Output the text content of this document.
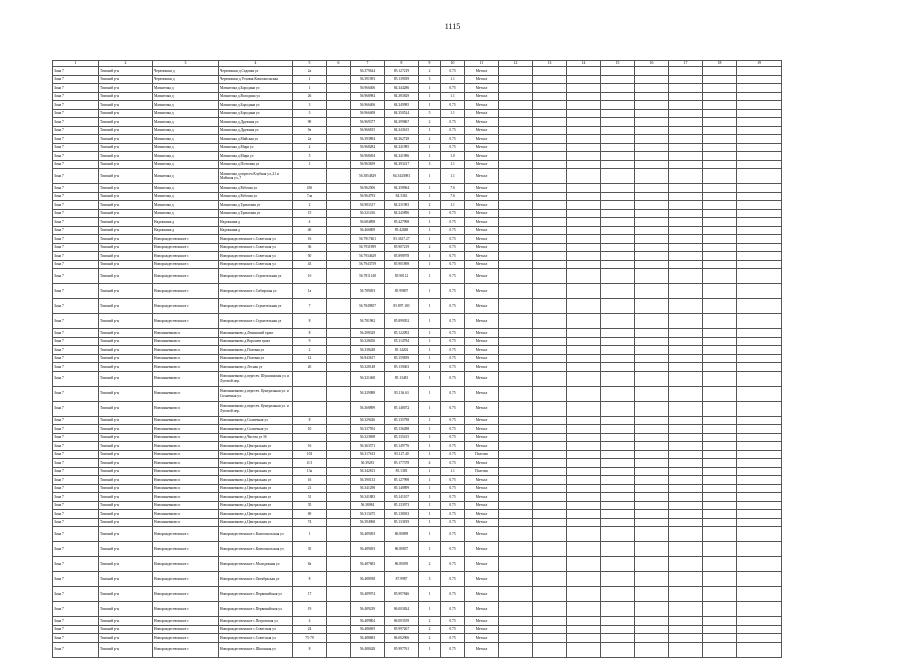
1115
1	2	3	4	5	6	7	8	9	10	11	12	13	14	15	16	17	18	19
Зона 7	Томский р-н	Черемошки д	Черемошки д.Садовая ул	2а		56.379624	85.127219	2	0.75	Металл								
Зона 7	Томский р-н	Черемошки д	Черемошки д.Угловая Комсомольская	1		56.391093	85.139039	3	1.1	Металл								
Зона 7	Томский р-н	Магнитика д	Магнитика д.Бородина ул	1		56.966406	84.344286	1	0.75	Металл								
Зона 7	Томский р-н	Магнитика д	Магнитика д.Володина ул	26		56.968984	84.383829	1	1.1	Металл								
Зона 7	Томский р-н	Магнитика д	Магнитика д.Бородина ул	3		56.966406	84.349985	1	0.75	Металл								
Зона 7	Томский р-н	Магнитика д	Магнитика д.Бородина ул	3		56.966408	84.350524	5	1.1	Металл								
Зона 7	Томский р-н	Магнитика д	Магнитика д.Дружная ул	90		56.969377	84.399867	2	0.75	Металл								
Зона 7	Томский р-н	Магнитика д	Магнитика д.Дружная ул	9а		56.966815	84.343615	1	0.75	Металл								
Зона 7	Томский р-н	Магнитика д	Магнитика д.Майская ул	2а		56.393894	84.362728	2	0.75	Металл								
Зона 7	Томский р-н	Магнитика д	Магнитика д.Мира ул	2		56.968284	84.341985	1	0.75	Металл								
Зона 7	Томский р-н	Магнитика д	Магнитика д.Мира ул	5		56.968494	84.341986	1	1.0	Металл								
Зона 7	Томский р-н	Магнитика д	Магнитика д.Почтовая ул	1		56.963659	84.393417	3	1.1	Металл								
Зона 7	Томский р-н	Магнитика д	Магнитика д.пересеч.Клубная ул.,21 и Майская ул.,7			56.3854829	84.3443983	1	1.1	Металл								
Зона 7	Томский р-н	Магнитика д	Магнитика д.Рабочая ул	45б		56.962506	84.358964	1	7.6	Металл								
Зона 7	Томский р-н	Магнитика д	Магнитика д.Рабочая ул	7ла		56.964793	84.3363	1	7.6	Металл								
Зона 7	Томский р-н	Магнитика д	Магнитика д.Трактовая ул	2		56.983317	84.331983	2	1.1	Металл								
Зона 7	Томский р-н	Магнитика д	Магнитика д.Трактовая ул	15		56.321416	84.345896	1	0.75	Металл								
Зона 7	Томский р-н	Надежкина д	Надежкина д	4		56.684898	85.427998	1	0.75	Металл								
Зона 7	Томский р-н	Надежкина д	Надежкина д	40		56.466809	85.42848	1	0.75	Металл								
Зона 7	Томский р-н	Новорождественское с	Новорождественское с.Советская ул	16		56.7917461	85.3617.27	1	0.75	Металл								
Зона 7	Томский р-н	Новорождественское с	Новорождественское с.Советская ул	36		56.7931899	85.907219	2	0.75	Металл								
Зона 7	Томский р-н	Новорождественское с	Новорождественское с.Советская ул	50		56.7934629	85.898978	1	0.75	Металл								
Зона 7	Томский р-н	Новорождественское с	Новорождественское с.Советская ул	43		56.7943759	85.901898	1	0.75	Металл								
Зона 7	Томский р-н	Новорождественское с	Новорождественское с.Строительная ул	1б		56.7811148	85.90112	1	0.75	Металл								
Зона 7	Томский р-н	Новорождественское с	Новорождественское с.Сибирская ул	1а		56.789493	85.99807	1	0.75	Металл								
Зона 7	Томский р-н	Новорождественское с	Новорождественское с.Строительная ул	7		56.7849857	85.897.183	1	0.75	Металл								
Зона 7	Томский р-н	Новорождественское с	Новорождественское с.Строительная ул	8		56.781982	85.899052	1	0.75	Металл								
Зона 7	Томский р-н	Новоиньевково п	Новоиньевково д.Ленинский тракт	8		56.298329	85.122092	1	0.75	Металл								
Зона 7	Томский р-н	Новоиньевково п	Новоиньевково д.Ворошев тракт	9		56.328456	85.114784	1	0.75	Металл								
Зона 7	Томский р-н	Новоиньевково п	Новоиньевково д.Полевая ул	2		56.338248	85.14202	1	0.75	Металл								
Зона 7	Томский р-н	Новоиньевково п	Новоиньевково д.Полевая ул	12		56.943617	85.159839	1	0.75	Металл								
Зона 7	Томский р-н	Новоиньевково п	Новоиньевково д.Лесная ул	20		56.328148	85.139403	1	0.75	Металл								
Зона 7	Томский р-н	Новоиньевково п	Новоиньевково д.пересеч. Шукшинская ул. и Луговой пер.			56.321468	85.13481	1	0.75	Металл								
Зона 7	Томский р-н	Новоиньевково п	Новоиньевково д.пересеч. Центральная ул. и Солнечная ул.			56.329088	85.136.63	1	0.75	Металл								
Зона 7	Томский р-н	Новоиньевково п	Новоиньевково д.пересеч. Центральная ул. и Луговой пер.			56.368899	85.148072	1	0.75	Металл								
Зона 7	Томский р-н	Новоиньевково п	Новоиньевково д.Солнечная ул	8		56.329426	85.135798	1	0.75	Металл								
Зона 7	Томский р-н	Новоиньевково п	Новоиньевково д.Солнечная ул	10		56.337592	85.136288	1	0.75	Металл								
Зона 7	Томский р-н	Новоиньевково п	Новоиньевково д.Чистая ул 3б			56.323698	85.135415	1	0.75	Металл								
Зона 7	Томский р-н	Новоиньевково п	Новоиньевково д.Центральная ул	16		56.363371	85.149776	1	0.75	Металл								
Зона 7	Томский р-н	Новоиньевково п	Новоиньевково д.Центральная ул	103		56.317613	85.127.40	1	0.75	Пластик								
Зона 7	Томский р-н	Новоиньевково п	Новоиньевково д.Центральная ул	11/1		56.39281	85.177378	4	0.75	Металл								
Зона 7	Томский р-н	Новоиньевково п	Новоиньевково д.Центральная ул	13а		56.342813	85.1383	1	1.1	Пластик								
Зона 7	Томский р-н	Новоиньевково п	Новоиньевково д.Центральная ул	16		56.390133	85.127998	1	0.75	Металл								
Зона 7	Томский р-н	Новоиньевково п	Новоиньевково д.Центральная ул	21		56.341298	85.140899	1	0.75	Металл								
Зона 7	Томский р-н	Новоиньевково п	Новоиньевково д.Центральная ул	31		56.341883	85.141107	1	0.75	Металл								
Зона 7	Томский р-н	Новоиньевково п	Новоиньевково д.Центральная ул	35		56.38084	85.133973	1	0.75	Металл								
Зона 7	Томский р-н	Новоиньевково п	Новоиньевково д.Центральная ул	69		56.313475	85.138033	1	0.75	Металл								
Зона 7	Томский р-н	Новоиньевково п	Новоиньевково д.Центральная ул	74		56.394968	85.133819	1	0.75	Металл								
Зона 7	Томский р-н	Новорождественское с	Новорождественское с.Комсомольская ул	1		56.489493	86.80899	1	0.75	Металл								
Зона 7	Томский р-н	Новорождественское с	Новорождественское с.Комсомольская ул	35		56.489493	86.80837	1	0.75	Металл								
Зона 7	Томский р-н	Новорождественское с	Новорождественское с.Молодежная ул	8а		56.487683	86.80059	2	0.75	Металл								
Зона 7	Томский р-н	Новорождественское с	Новорождественское с.Октябрьская ул	8		56.488938	87.9987	3	0.75	Металл								
Зона 7	Томский р-н	Новорождественское с	Новорождественское с.Первомайская ул	17		56.489974	85.997846	1	0.75	Металл								
Зона 7	Томский р-н	Новорождественское с	Новорождественское с.Первомайская ул	19		56.489239	86.003824	1	0.75	Металл								
Зона 7	Томский р-н	Новорождественское с	Новорождественское с.Петровская ул	4		56.489804	86.003539	2	0.75	Металл								
Зона 7	Томский р-н	Новорождественское с	Новорождественское с.Советская ул	24		56.486695	85.997267	2	0.75	Металл								
Зона 7	Томский р-н	Новорождественское с	Новорождественское с.Советская ул	75-79		56.488683	86.002906	2	0.75	Металл								
Зона 7	Томский р-н	Новорождественское с	Новорождественское с.Школьная ул	8		56.488428	85.997761	1	0.75	Металл								
